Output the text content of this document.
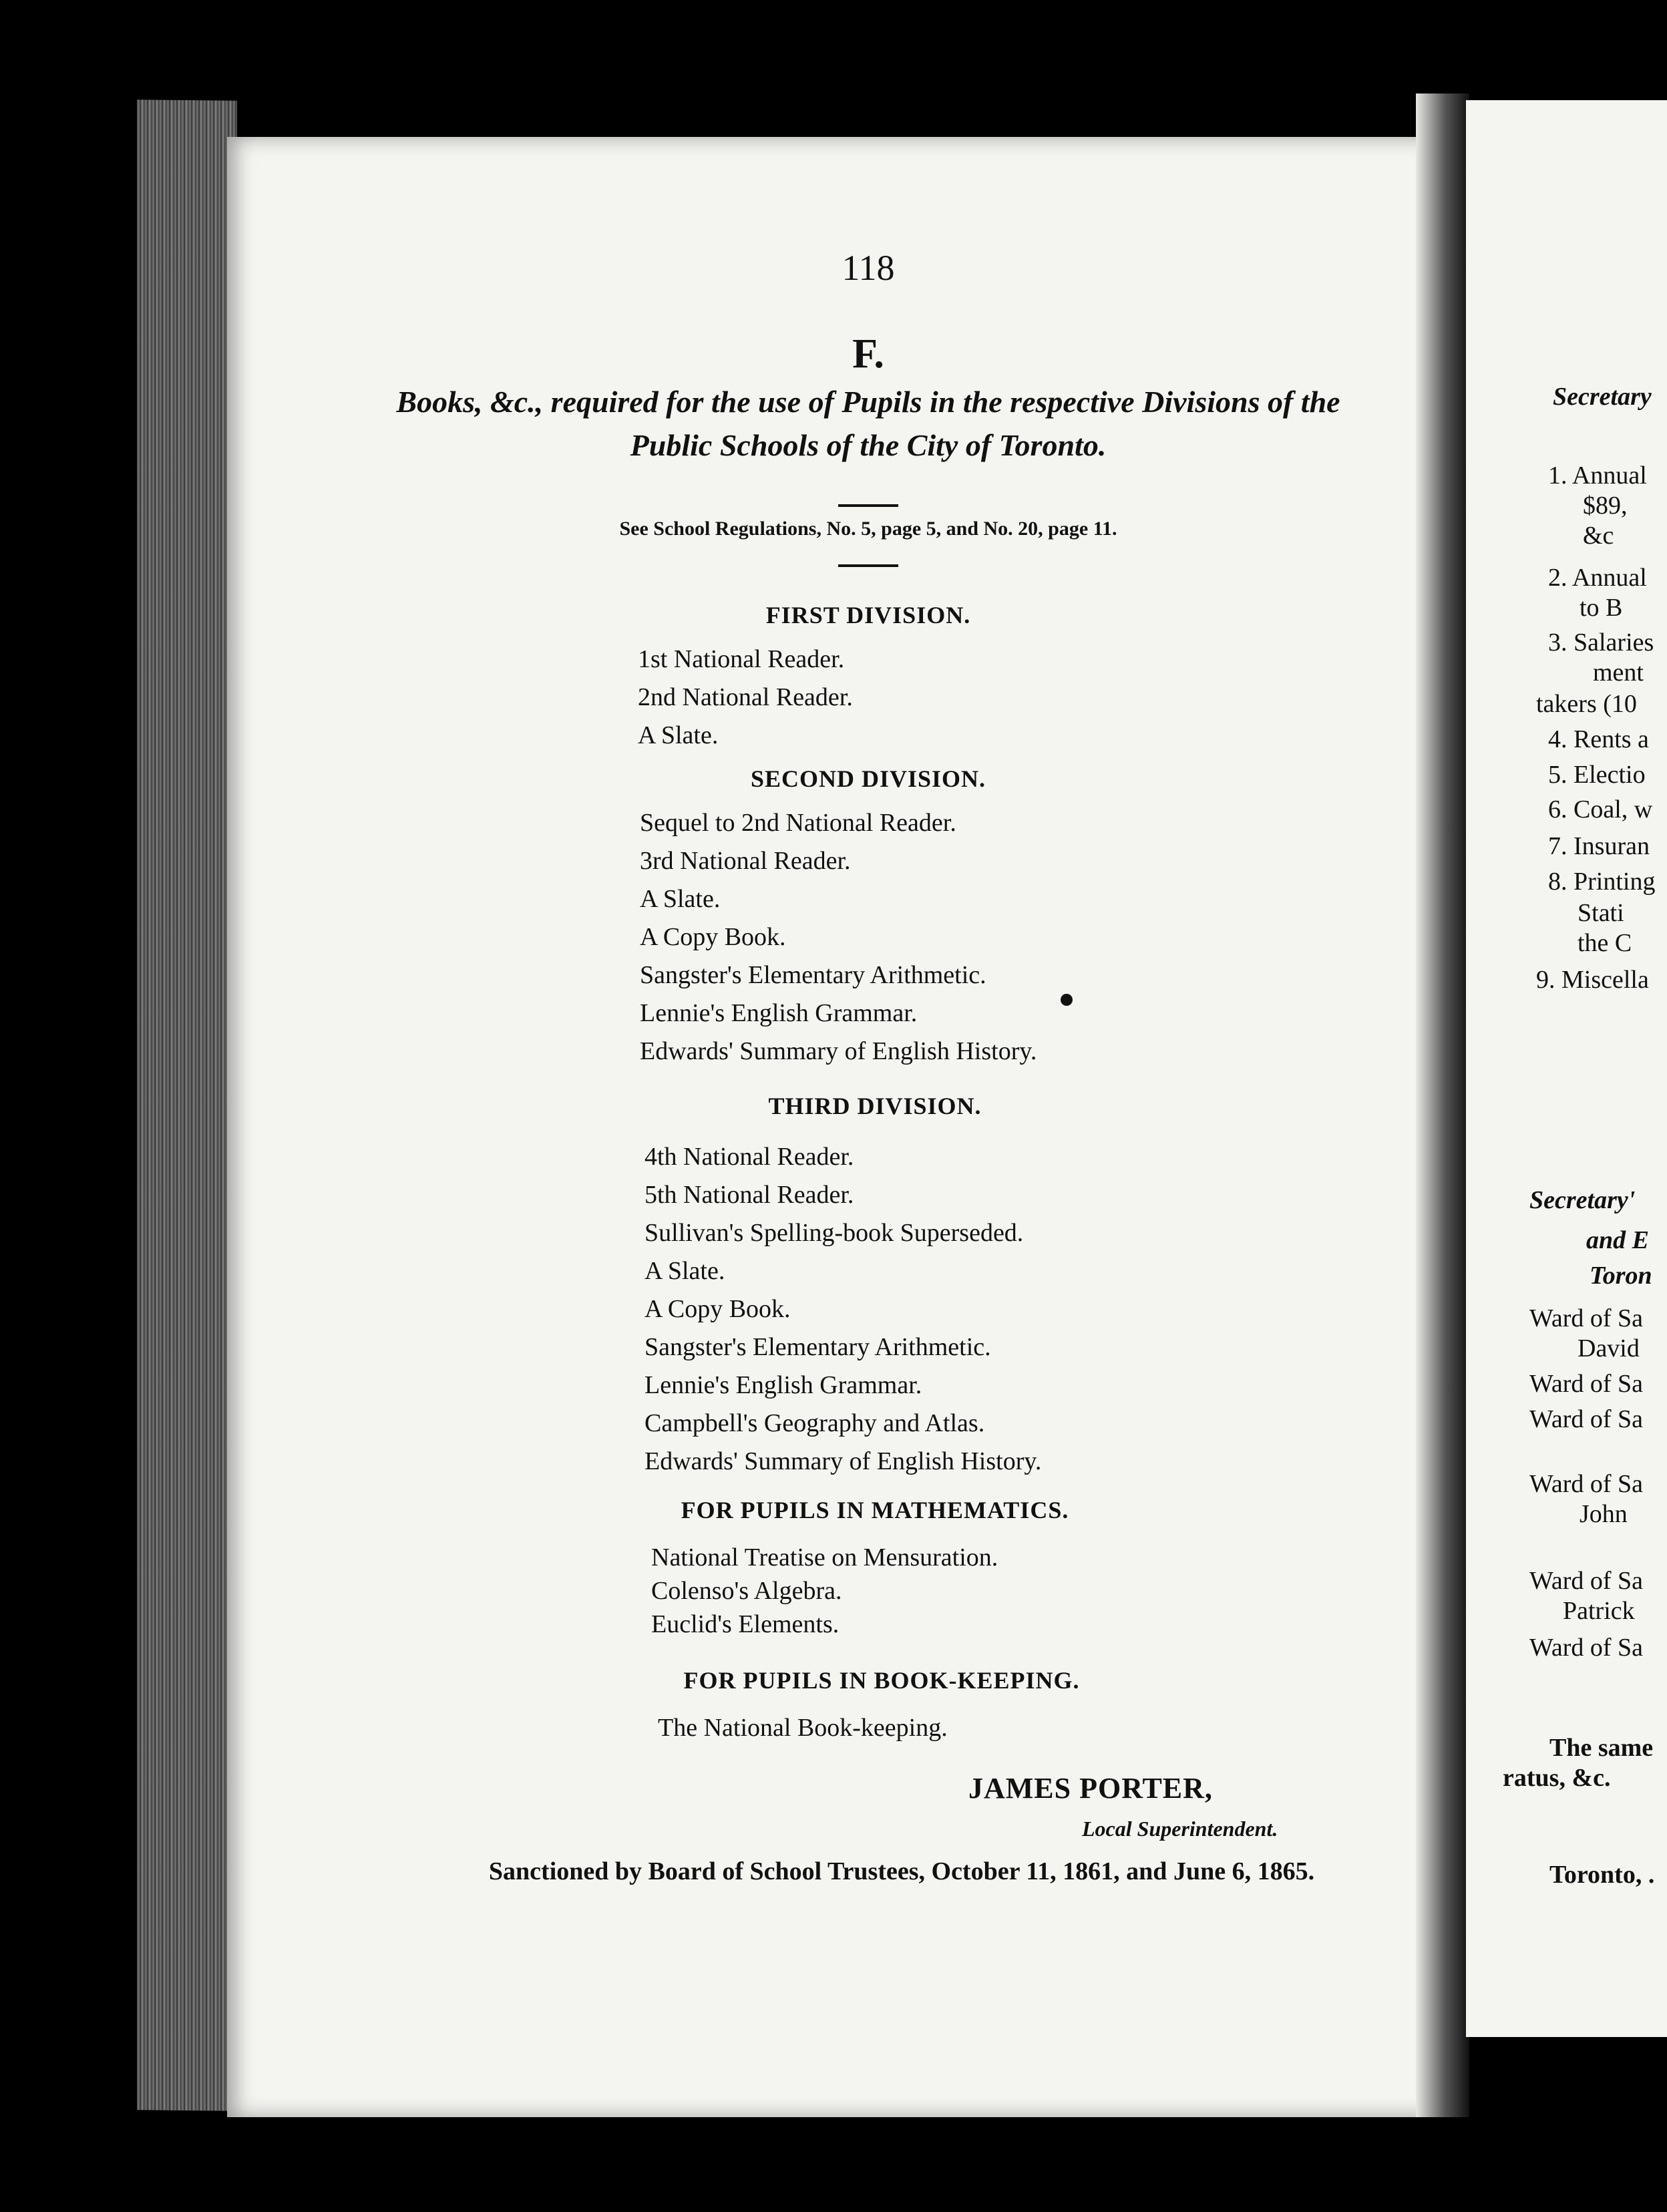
118
F.
Books, &c., required for the use of Pupils in the respective Divisions of the
Public Schools of the City of Toronto.
See School Regulations, No. 5, page 5, and No. 20, page 11.
FIRST DIVISION.
1st National Reader.
2nd National Reader.
A Slate.
SECOND DIVISION.
Sequel to 2nd National Reader.
3rd National Reader.
A Slate.
A Copy Book.
Sangster's Elementary Arithmetic.
Lennie's English Grammar.
Edwards' Summary of English History.
THIRD DIVISION.
4th National Reader.
5th National Reader.
Sullivan's Spelling-book Superseded.
A Slate.
A Copy Book.
Sangster's Elementary Arithmetic.
Lennie's English Grammar.
Campbell's Geography and Atlas.
Edwards' Summary of English History.
FOR PUPILS IN MATHEMATICS.
National Treatise on Mensuration.
Colenso's Algebra.
Euclid's Elements.
FOR PUPILS IN BOOK-KEEPING.
The National Book-keeping.
JAMES PORTER,
Local Superintendent.
Sanctioned by Board of School Trustees, October 11, 1861, and June 6, 1865.
Secretary
1. Annual
$89,
&c
2. Annual
to B
3. Salaries
ment
takers (10
4. Rents a
5. Electio
6. Coal, w
7. Insuran
8. Printing
Stati
the C
9. Miscella
Secretary'
and E
Toron
Ward of Sa
David
Ward of Sa
Ward of Sa
Ward of Sa
John
Ward of Sa
Patrick
Ward of Sa
The same
ratus, &c.
Toronto, .
